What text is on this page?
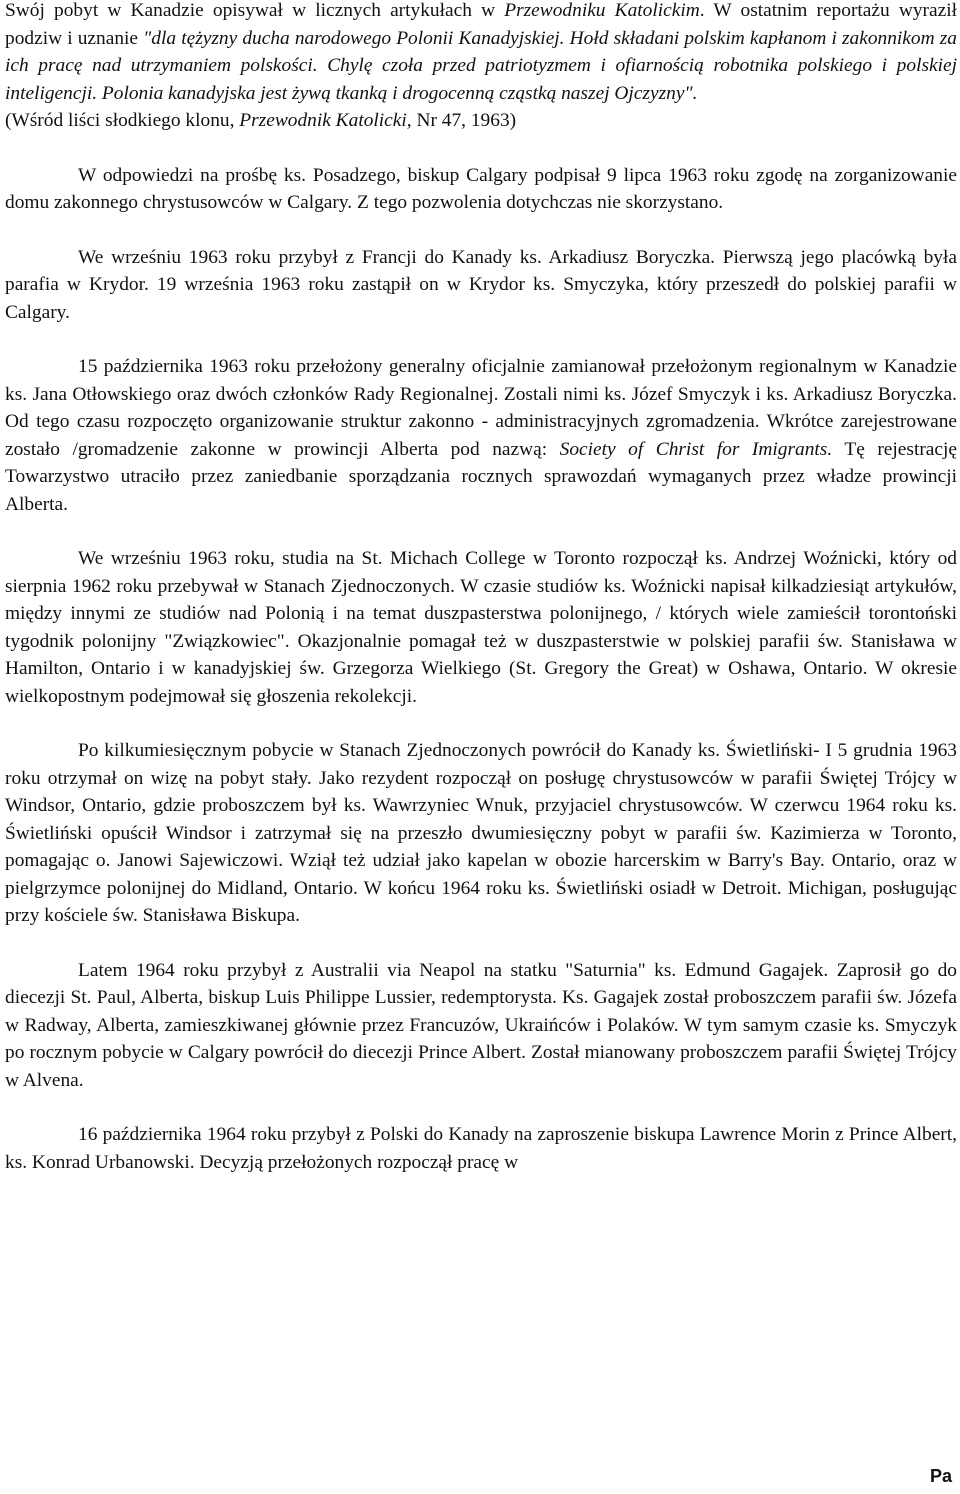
Swój pobyt w Kanadzie opisywał w licznych artykułach w Przewodniku Katolickim. W ostatnim reportażu wyraził podziw i uznanie "dla tężyzny ducha narodowego Polonii Kanadyjskiej. Hołd składani polskim kapłanom i zakonnikom za ich pracę nad utrzymaniem polskości. Chylę czoła przed patriotyzmem i ofiarnością robotnika polskiego i polskiej inteligencji. Polonia kanadyjska jest żywą tkanką i drogocenną cząstką naszej Ojczyzny".

(Wśród liści słodkiego klonu, Przewodnik Katolicki, Nr 47, 1963)

W odpowiedzi na prośbę ks. Posadzego, biskup Calgary podpisał 9 lipca 1963 roku zgodę na zorganizowanie domu zakonnego chrystusowców w Calgary. Z tego pozwolenia dotychczas nie skorzystano.

We wrześniu 1963 roku przybył z Francji do Kanady ks. Arkadiusz Boryczka. Pierwszą jego placówką była parafia w Krydor. 19 września 1963 roku zastąpił on w Krydor ks. Smyczyka, który przeszedł do polskiej parafii w Calgary.

15 października 1963 roku przełożony generalny oficjalnie zamianował przełożonym regionalnym w Kanadzie ks. Jana Otłowskiego oraz dwóch członków Rady Regionalnej. Zostali nimi ks. Józef Smyczyk i ks. Arkadiusz Boryczka. Od tego czasu rozpoczęto organizowanie struktur zakonno - administracyjnych zgromadzenia. Wkrótce zarejestrowane zostało /gromadzenie zakonne w prowincji Alberta pod nazwą: Society of Christ for Imigrants. Tę rejestrację Towarzystwo utraciło przez zaniedbanie sporządzania rocznych sprawozdań wymaganych przez władze prowincji Alberta.

We wrześniu 1963 roku, studia na St. Michach College w Toronto rozpoczął ks. Andrzej Woźnicki, który od sierpnia 1962 roku przebywał w Stanach Zjednoczonych. W czasie studiów ks. Woźnicki napisał kilkadziesiąt artykułów, między innymi ze studiów nad Polonią i na temat duszpasterstwa polonijnego, / których wiele zamieścił torontoński tygodnik polonijny "Związkowiec". Okazjonalnie pomagał też w duszpasterstwie w polskiej parafii św. Stanisława w Hamilton, Ontario i w kanadyjskiej św. Grzegorza Wielkiego (St. Gregory the Great) w Oshawa, Ontario. W okresie wielkopostnym podejmował się głoszenia rekolekcji.

Po kilkumiesięcznym pobycie w Stanach Zjednoczonych powrócił do Kanady ks. Świetliński- I 5 grudnia 1963 roku otrzymał on wizę na pobyt stały. Jako rezydent rozpoczął on posługę chrystusowców w parafii Świętej Trójcy w Windsor, Ontario, gdzie proboszczem był ks. Wawrzyniec Wnuk, przyjaciel chrystusowców. W czerwcu 1964 roku ks. Świetliński opuścił Windsor i zatrzymał się na przeszło dwumiesięczny pobyt w parafii św. Kazimierza w Toronto, pomagając o. Janowi Sajewiczowi. Wziął też udział jako kapelan w obozie harcerskim w Barry's Bay. Ontario, oraz w pielgrzymce polonijnej do Midland, Ontario. W końcu 1964 roku ks. Świetliński osiadł w Detroit. Michigan, posługując przy kościele św. Stanisława Biskupa.

Latem 1964 roku przybył z Australii via Neapol na statku "Saturnia" ks. Edmund Gagajek. Zaprosił go do diecezji St. Paul, Alberta, biskup Luis Philippe Lussier, redemptorysta. Ks. Gagajek został proboszczem parafii św. Józefa w Radway, Alberta, zamieszkiwanej głównie przez Francuzów, Ukraińców i Polaków. W tym samym czasie ks. Smyczyk po rocznym pobycie w Calgary powrócił do diecezji Prince Albert. Został mianowany proboszczem parafii Świętej Trójcy w Alvena.

16 października 1964 roku przybył z Polski do Kanady na zaproszenie biskupa Lawrence Morin z Prince Albert, ks. Konrad Urbanowski. Decyzją przełożonych rozpoczął pracę w

Pa
